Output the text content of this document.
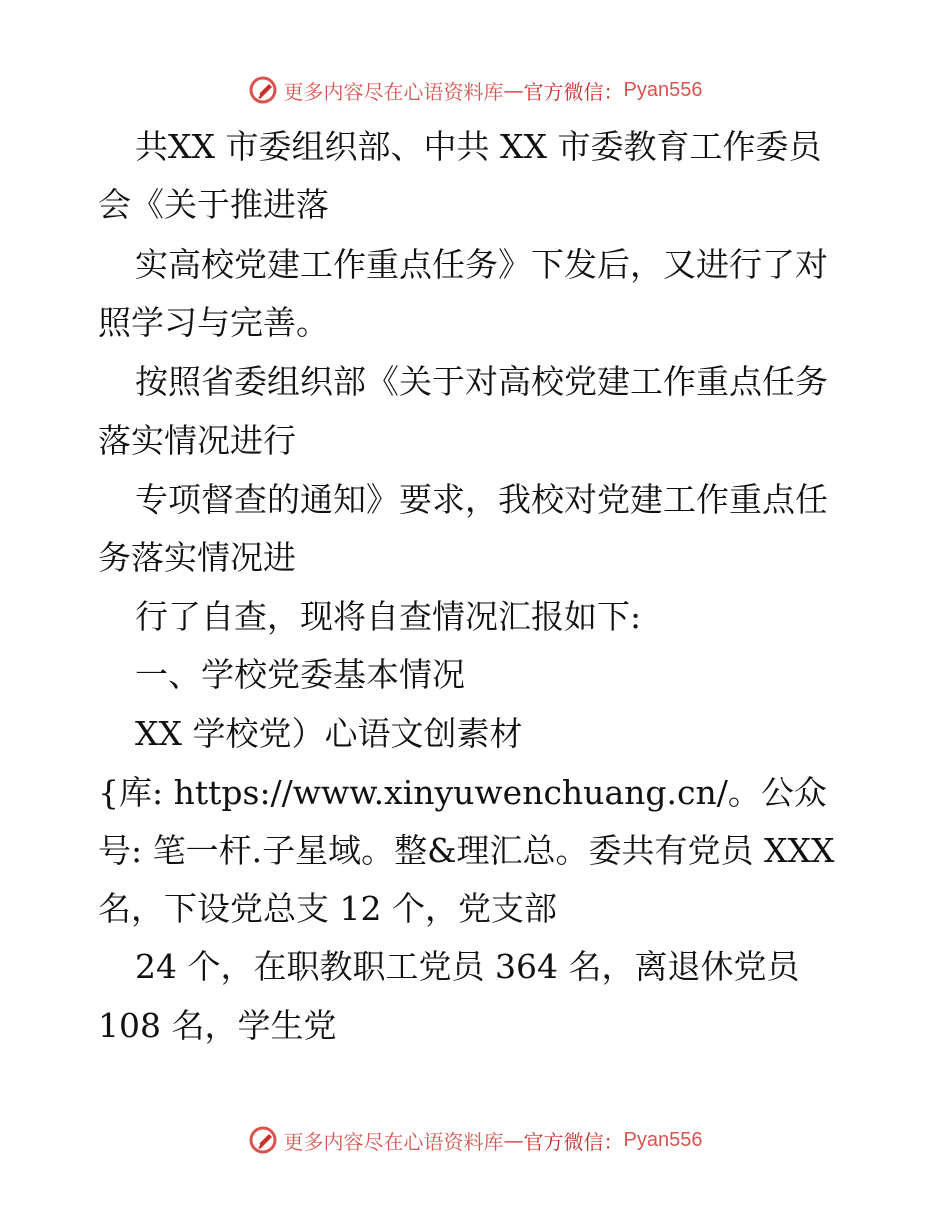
更多内容尽在心语资料库 — 官方微信： Pyan556
共XX 市委组织部、中共 XX 市委教育工作委员
会《关于推进落
实高校党建工作重点任务》下发后，又进行了对
照学习与完善。
按照省委组织部《关于对高校党建工作重点任务
落实情况进行
专项督查的通知》要求，我校对党建工作重点任
务落实情况进
行了自查，现将自查情况汇报如下:
一、学校党委基本情况
XX 学校党）心语文创素材
{库: https://www.xinyuwenchuang.cn/。公众
号: 笔一杆.子星域。整&理汇总。委共有党员 XXX
名，下设党总支 12 个，党支部
24 个，在职教职工党员 364 名，离退休党员
108 名，学生党
更多内容尽在心语资料库 — 官方微信： Pyan556
